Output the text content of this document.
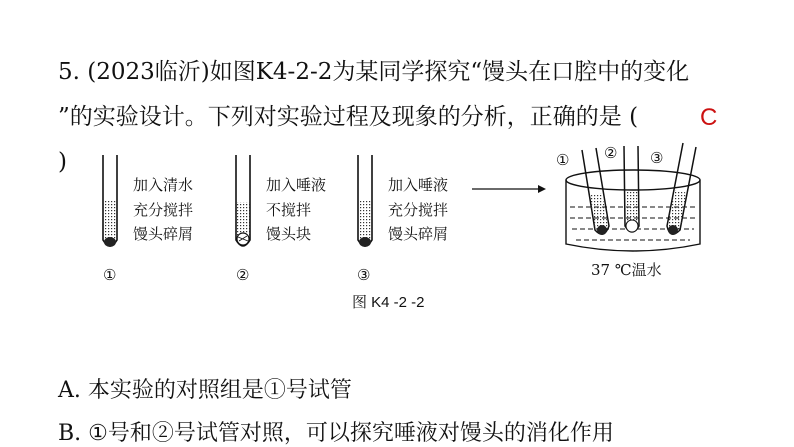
5. (2023临沂)如图K4-2-2为某同学探究“馒头在口腔中的变化
”的实验设计。下列对实验过程及现象的分析，正确的是 (
)
C
加入清水
充分搅拌
馒头碎屑
①
加入唾液
不搅拌
馒头块
②
加入唾液
充分搅拌
馒头碎屑
③
① ② ③
37 ℃温水
图 K4 -2 -2
A. 本实验的对照组是①号试管
B. ①号和②号试管对照，可以探究唾液对馒头的消化作用
